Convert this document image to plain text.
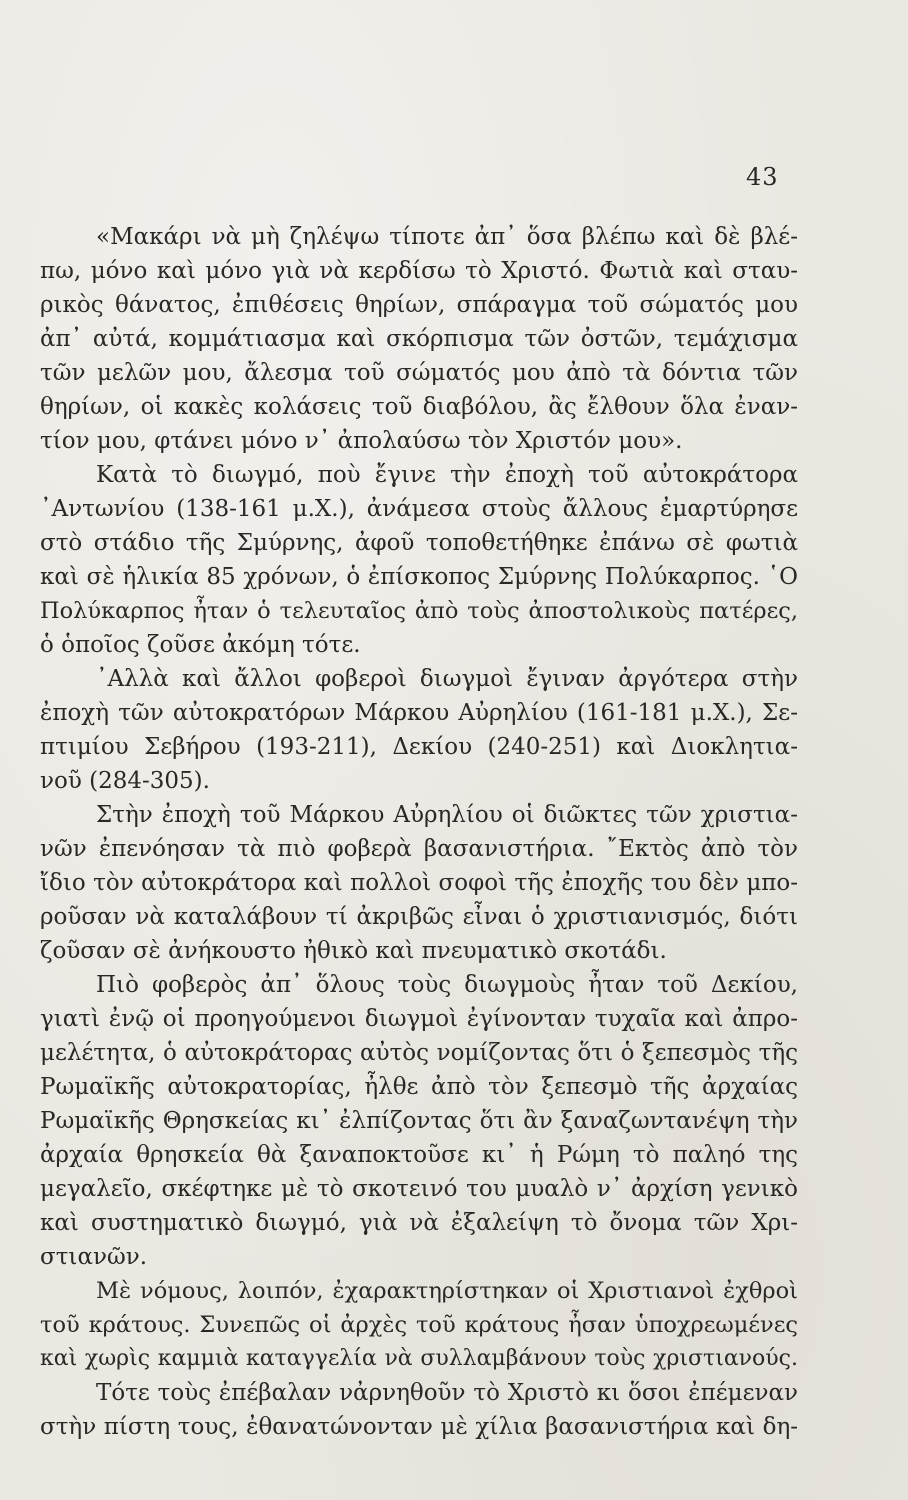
43
«Μακάρι νὰ μὴ ζηλέψω τίποτε ἀπ᾿ ὅσα βλέπω καὶ δὲ βλέ-
πω, μόνο καὶ μόνο γιὰ νὰ κερδίσω τὸ Χριστό. Φωτιὰ καὶ σταυ-
ρικὸς θάνατος, ἐπιθέσεις θηρίων, σπάραγμα τοῦ σώματός μου
ἀπ᾿ αὐτά, κομμάτιασμα καὶ σκόρπισμα τῶν ὀστῶν, τεμάχισμα
τῶν μελῶν μου, ἄλεσμα τοῦ σώματός μου ἀπὸ τὰ δόντια τῶν
θηρίων, οἱ κακὲς κολάσεις τοῦ διαβόλου, ἂς ἔλθουν ὅλα ἐναν-
τίον μου, φτάνει μόνο ν᾿ ἀπολαύσω τὸν Χριστόν μου».
Κατὰ τὸ διωγμό, ποὺ ἔγινε τὴν ἐποχὴ τοῦ αὐτοκράτορα
᾿Αντωνίου (138-161 μ.Χ.), ἀνάμεσα στοὺς ἄλλους ἐμαρτύρησε
στὸ στάδιο τῆς Σμύρνης, ἀφοῦ τοποθετήθηκε ἐπάνω σὲ φωτιὰ
καὶ σὲ ἡλικία 85 χρόνων, ὁ ἐπίσκοπος Σμύρνης Πολύκαρπος. ῾Ο
Πολύκαρπος ἦταν ὁ τελευταῖος ἀπὸ τοὺς ἀποστολικοὺς πατέρες,
ὁ ὁποῖος ζοῦσε ἀκόμη τότε.
᾿Αλλὰ καὶ ἄλλοι φοβεροὶ διωγμοὶ ἔγιναν ἀργότερα στὴν
ἐποχὴ τῶν αὐτοκρατόρων Μάρκου Αὐρηλίου (161-181 μ.Χ.), Σε-
πτιμίου Σεβήρου (193-211), Δεκίου (240-251) καὶ Διοκλητια-
νοῦ (284-305).
Στὴν ἐποχὴ τοῦ Μάρκου Αὐρηλίου οἱ διῶκτες τῶν χριστια-
νῶν ἐπενόησαν τὰ πιὸ φοβερὰ βασανιστήρια. ῎Εκτὸς ἀπὸ τὸν
ἴδιο τὸν αὐτοκράτορα καὶ πολλοὶ σοφοὶ τῆς ἐποχῆς του δὲν μπο-
ροῦσαν νὰ καταλάβουν τί ἀκριβῶς εἶναι ὁ χριστιανισμός, διότι
ζοῦσαν σὲ ἀνήκουστο ἠθικὸ καὶ πνευματικὸ σκοτάδι.
Πιὸ φοβερὸς ἀπ᾿ ὅλους τοὺς διωγμοὺς ἦταν τοῦ Δεκίου,
γιατὶ ἐνῷ οἱ προηγούμενοι διωγμοὶ ἐγίνονταν τυχαῖα καὶ ἀπρο-
μελέτητα, ὁ αὐτοκράτορας αὐτὸς νομίζοντας ὅτι ὁ ξεπεσμὸς τῆς
Ρωμαϊκῆς αὐτοκρατορίας, ἦλθε ἀπὸ τὸν ξεπεσμὸ τῆς ἀρχαίας
Ρωμαϊκῆς Θρησκείας κι᾿ ἐλπίζοντας ὅτι ἂν ξαναζωντανέψη τὴν
ἀρχαία θρησκεία θὰ ξαναποκτοῦσε κι᾿ ἡ Ρώμη τὸ παληό της
μεγαλεῖο, σκέφτηκε μὲ τὸ σκοτεινό του μυαλὸ ν᾿ ἀρχίση γενικὸ
καὶ συστηματικὸ διωγμό, γιὰ νὰ ἐξαλείψη τὸ ὄνομα τῶν Χρι-
στιανῶν.
Μὲ νόμους, λοιπόν, ἐχαρακτηρίστηκαν οἱ Χριστιανοὶ ἐχθροὶ
τοῦ κράτους. Συνεπῶς οἱ ἀρχὲς τοῦ κράτους ἦσαν ὑποχρεωμένες
καὶ χωρὶς καμμιὰ καταγγελία νὰ συλλαμβάνουν τοὺς χριστιανούς.
Τότε τοὺς ἐπέβαλαν νἀρνηθοῦν τὸ Χριστὸ κι ὅσοι ἐπέμεναν
στὴν πίστη τους, ἐθανατώνονταν μὲ χίλια βασανιστήρια καὶ δη-
